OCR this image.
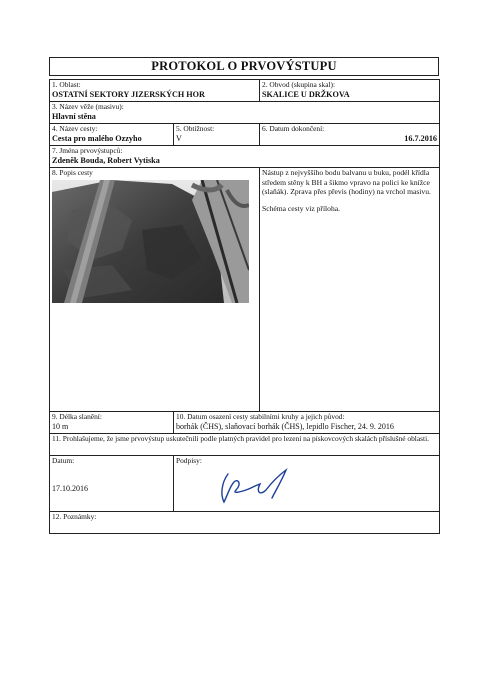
PROTOKOL O PRVOVÝSTUPU
1. Oblast:
OSTATNÍ SEKTORY JIZERSKÝCH HOR		2. Obvod (skupina skal):
SKALICE U DRŽKOVA

3. Název věže (masivu):
Hlavní stěna		

4. Název cesty:
Cesta pro malého Ozzyho	5. Obtížnost:
V	6. Datum dokončení:
16.7.2016

7. Jména prvovýstupců:
Zdeněk Bouda, Robert Vytiska		

8. Popis cesty		Nástup z nejvyššího bodu balvanu u buku, podél křídla středem stěny k BH a šikmo vpravo na polici ke knížce (slaňák). Zprava přes převis (hodiny) na vrchol masivu.

Schéma cesty viz příloha.

9. Délka slanění:
10 m	10. Datum osazení cesty stabilními kruhy a jejich původ:
borhák (ČHS), slaňovací borhák (ČHS), lepidlo Fischer, 24. 9. 2016	

11. Prohlašujeme, že jsme prvovýstup uskutečnili podle platných pravidel pro lezení na pískovcových skalách příslušné oblasti.		

Datum:
17.10.2016	Podpisy:	

12. Poznámky:		
